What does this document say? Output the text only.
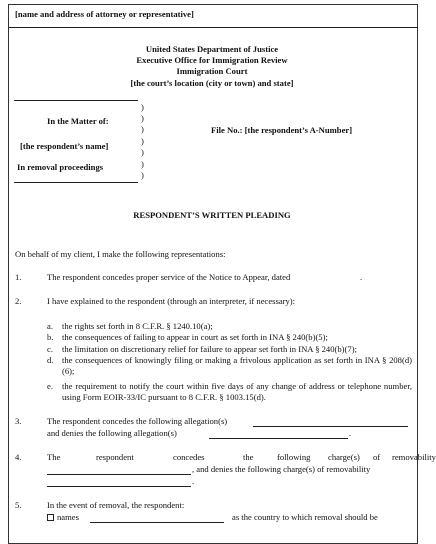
[name and address of attorney or representative]
United States Department of Justice
Executive Office for Immigration Review
Immigration Court
[the court’s location (city or town) and state]
In the Matter of:
[the respondent’s name]
In removal proceedings
)
)
)
)
)
)
)
File No.: [the respondent’s A-Number]
RESPONDENT’S WRITTEN PLEADING
On behalf of my client, I make the following representations:
1.	The respondent concedes proper service of the Notice to Appear, dated	.
2.	I have explained to the respondent (through an interpreter, if necessary):
a. the rights set forth in 8 C.F.R. § 1240.10(a);
b. the consequences of failing to appear in court as set forth in INA § 240(b)(5);
c. the limitation on discretionary relief for failure to appear set forth in INA § 240(b)(7);
d. the consequences of knowingly filing or making a frivolous application as set forth in INA § 208(d)(6);
e. the requirement to notify the court within five days of any change of address or telephone number, using Form EOIR-33/IC pursuant to 8 C.F.R. § 1003.15(d).
3.	The respondent concedes the following allegation(s)
and denies the following allegation(s)	.
4.	The	respondent	concedes	the	following charge(s) of removability
, and denies the following charge(s) of removability
.
5.	In the event of removal, the respondent:
names	as the country to which removal should be
